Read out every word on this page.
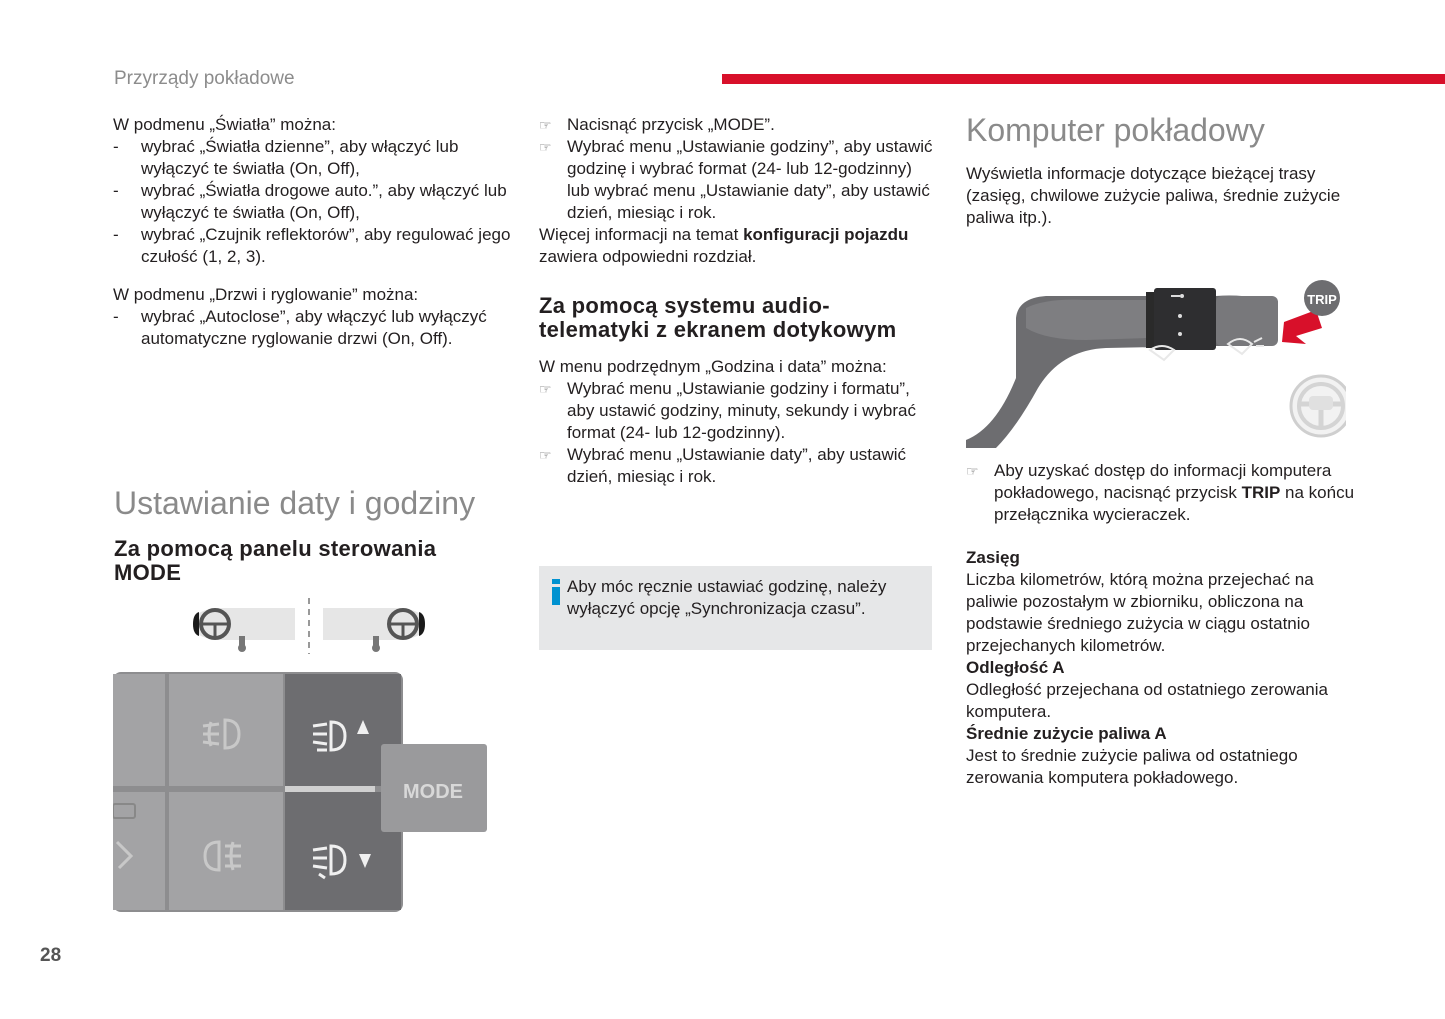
Przyrządy pokładowe

W podmenu „Światła” można:

-	wybrać „Światła dzienne”, aby włączyć lub wyłączyć te światła (On, Off),
-	wybrać „Światła drogowe auto.”, aby włączyć lub wyłączyć te światła (On, Off),
-	wybrać „Czujnik reflektorów”, aby regulować jego czułość (1, 2, 3).

W podmenu „Drzwi i ryglowanie” można:

-	wybrać „Autoclose”, aby włączyć lub wyłączyć automatyczne ryglowanie drzwi (On, Off).
Ustawianie daty i godziny
Za pomocą panelu sterowania MODE
MODE
☞ Nacisnąć przycisk „MODE”.
☞ Wybrać menu „Ustawianie godziny”, aby ustawić godzinę i wybrać format (24- lub 12-godzinny) lub wybrać menu „Ustawianie daty”, aby ustawić dzień, miesiąc i rok.

Więcej informacji na temat konfiguracji pojazdu zawiera odpowiedni rozdział.

Za pomocą systemu audio-telematyki z ekranem dotykowym

W menu podrzędnym „Godzina i data” można:

☞ Wybrać menu „Ustawianie godziny i formatu”, aby ustawić godziny, minuty, sekundy i wybrać format (24- lub 12-godzinny).
☞ Wybrać menu „Ustawianie daty”, aby ustawić dzień, miesiąc i rok.
Aby móc ręcznie ustawiać godzinę, należy wyłączyć opcję „Synchronizacja czasu”.
Komputer pokładowy
Wyświetla informacje dotyczące bieżącej trasy (zasięg, chwilowe zużycie paliwa, średnie zużycie paliwa itp.).
TRIP
☞ Aby uzyskać dostęp do informacji komputera pokładowego, nacisnąć przycisk TRIP na końcu przełącznika wycieraczek.

Zasięg

Liczba kilometrów, którą można przejechać na paliwie pozostałym w zbiorniku, obliczona na podstawie średniego zużycia w ciągu ostatnio przejechanych kilometrów.

Odległość A

Odległość przejechana od ostatniego zerowania komputera.

Średnie zużycie paliwa A

Jest to średnie zużycie paliwa od ostatniego zerowania komputera pokładowego.

28
